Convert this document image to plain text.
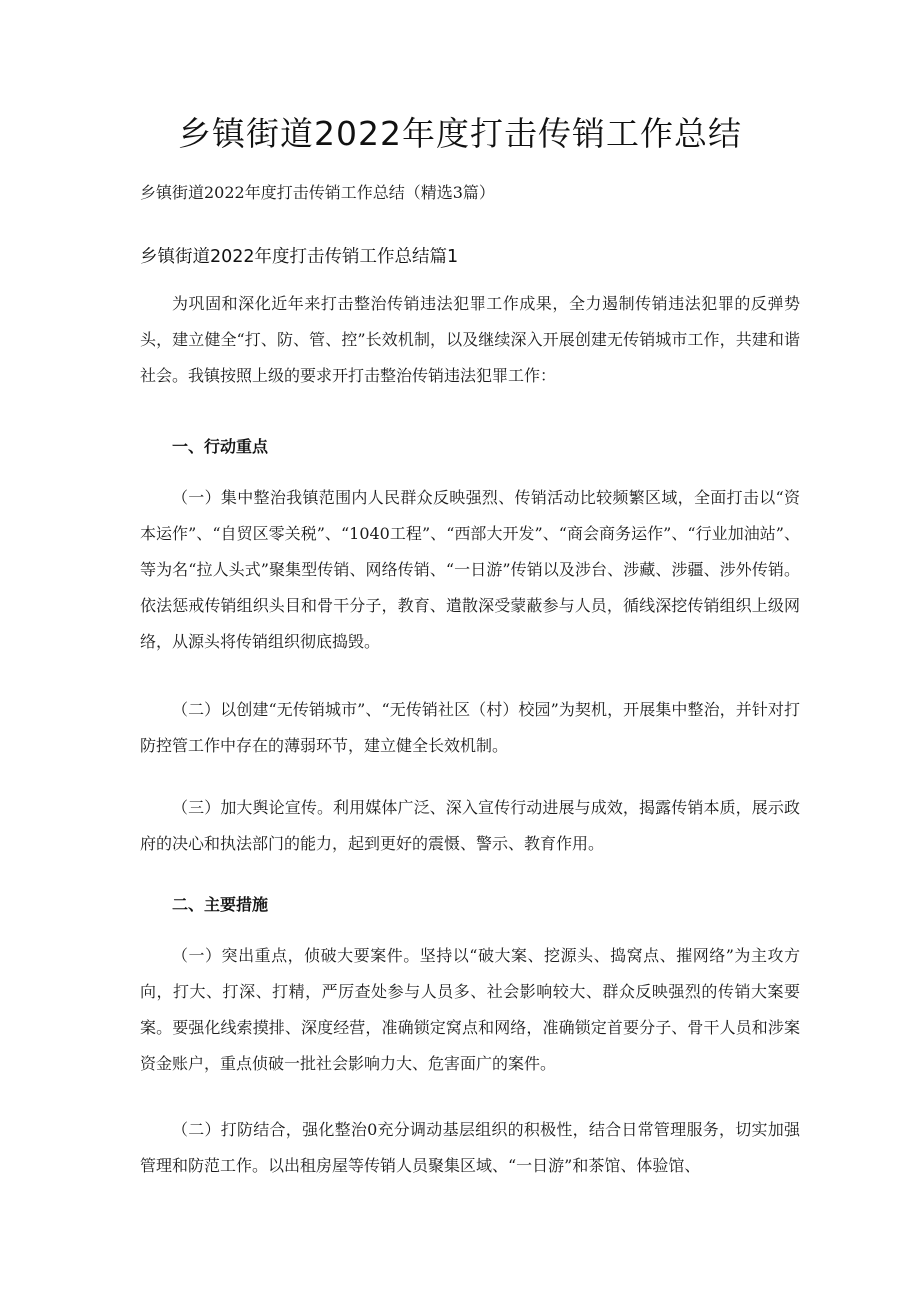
乡镇街道2022年度打击传销工作总结
乡镇街道2022年度打击传销工作总结（精选3篇）
乡镇街道2022年度打击传销工作总结篇1
为巩固和深化近年来打击整治传销违法犯罪工作成果，全力遏制传销违法犯罪的反弹势头，建立健全“打、防、管、控”长效机制，以及继续深入开展创建无传销城市工作，共建和谐社会。我镇按照上级的要求开打击整治传销违法犯罪工作：
一、行动重点
（一）集中整治我镇范围内人民群众反映强烈、传销活动比较频繁区域，全面打击以“资本运作”、“自贸区零关税”、“1040工程”、“西部大开发”、“商会商务运作”、“行业加油站”、等为名“拉人头式”聚集型传销、网络传销、“一日游”传销以及涉台、涉藏、涉疆、涉外传销。依法惩戒传销组织头目和骨干分子，教育、遣散深受蒙蔽参与人员，循线深挖传销组织上级网络，从源头将传销组织彻底捣毁。
（二）以创建“无传销城市”、“无传销社区（村）校园”为契机，开展集中整治，并针对打防控管工作中存在的薄弱环节，建立健全长效机制。
（三）加大舆论宣传。利用媒体广泛、深入宣传行动进展与成效，揭露传销本质，展示政府的决心和执法部门的能力，起到更好的震慑、警示、教育作用。
二、主要措施
（一）突出重点，侦破大要案件。坚持以“破大案、挖源头、捣窝点、摧网络”为主攻方向，打大、打深、打精，严厉查处参与人员多、社会影响较大、群众反映强烈的传销大案要案。要强化线索摸排、深度经营，准确锁定窝点和网络，准确锁定首要分子、骨干人员和涉案资金账户，重点侦破一批社会影响力大、危害面广的案件。
（二）打防结合，强化整治0充分调动基层组织的积极性，结合日常管理服务，切实加强管理和防范工作。以出租房屋等传销人员聚集区域、“一日游”和茶馆、体验馆、
